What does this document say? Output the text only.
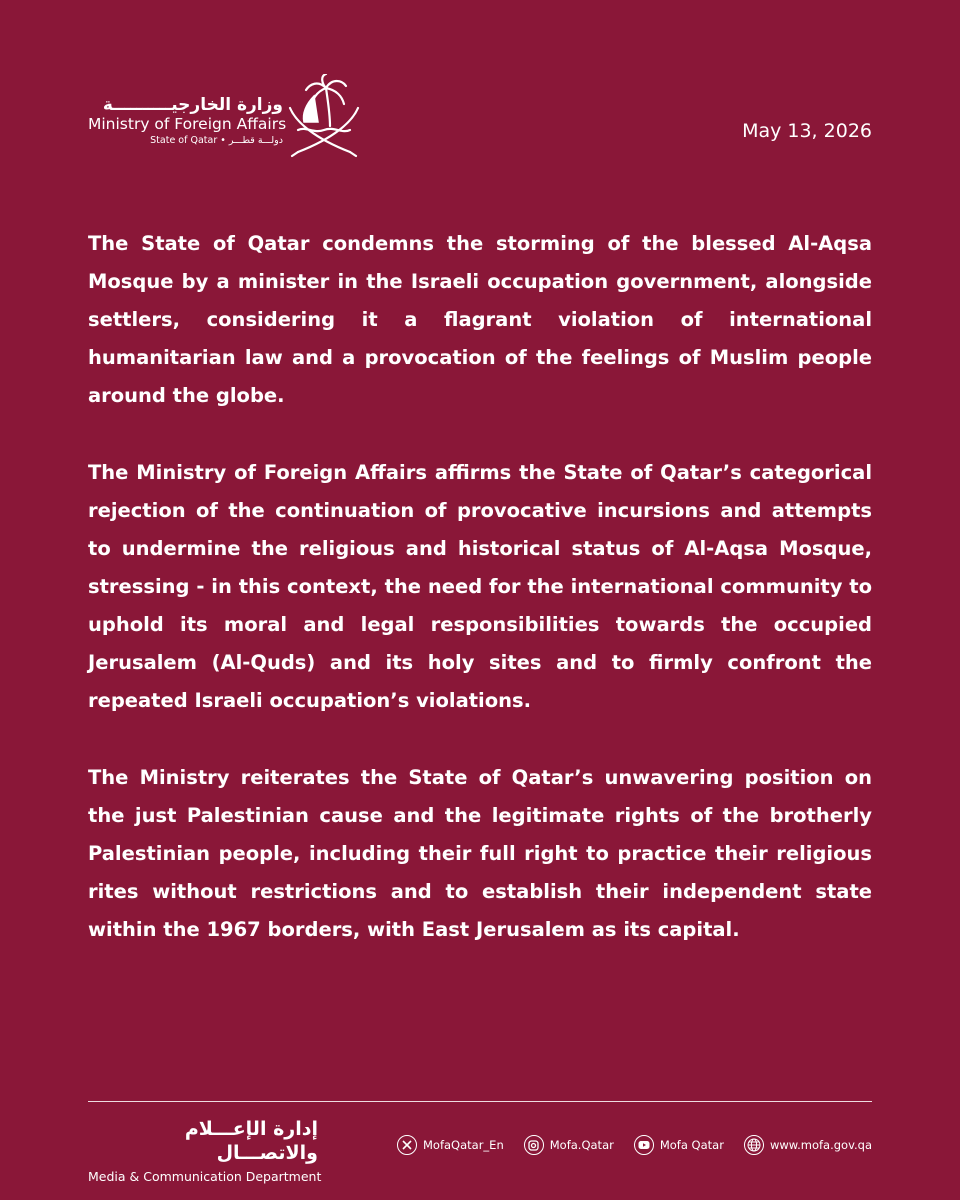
وزارة الخارجيــــــــــة
Ministry of Foreign Affairs
State of Qatar • دولـــة قطـــر	May 13, 2026

The State of Qatar condemns the storming of the blessed Al-Aqsa Mosque by a minister in the Israeli occupation government, alongside settlers, considering it a flagrant violation of international humanitarian law and a provocation of the feelings of Muslim people around the globe.

The Ministry of Foreign Affairs affirms the State of Qatar’s categorical rejection of the continuation of provocative incursions and attempts to undermine the religious and historical status of Al-Aqsa Mosque, stressing - in this context, the need for the international community to uphold its moral and legal responsibilities towards the occupied Jerusalem (Al-Quds) and its holy sites and to firmly confront the repeated Israeli occupation’s violations.

The Ministry reiterates the State of Qatar’s unwavering position on the just Palestinian cause and the legitimate rights of the brotherly Palestinian people, including their full right to practice their religious rites without restrictions and to establish their independent state within the 1967 borders, with East Jerusalem as its capital.

إدارة الإعـــلام والاتصـــال
Media & Communication Department
MofaQatar_En	Mofa.Qatar	Mofa Qatar	www.mofa.gov.qa
